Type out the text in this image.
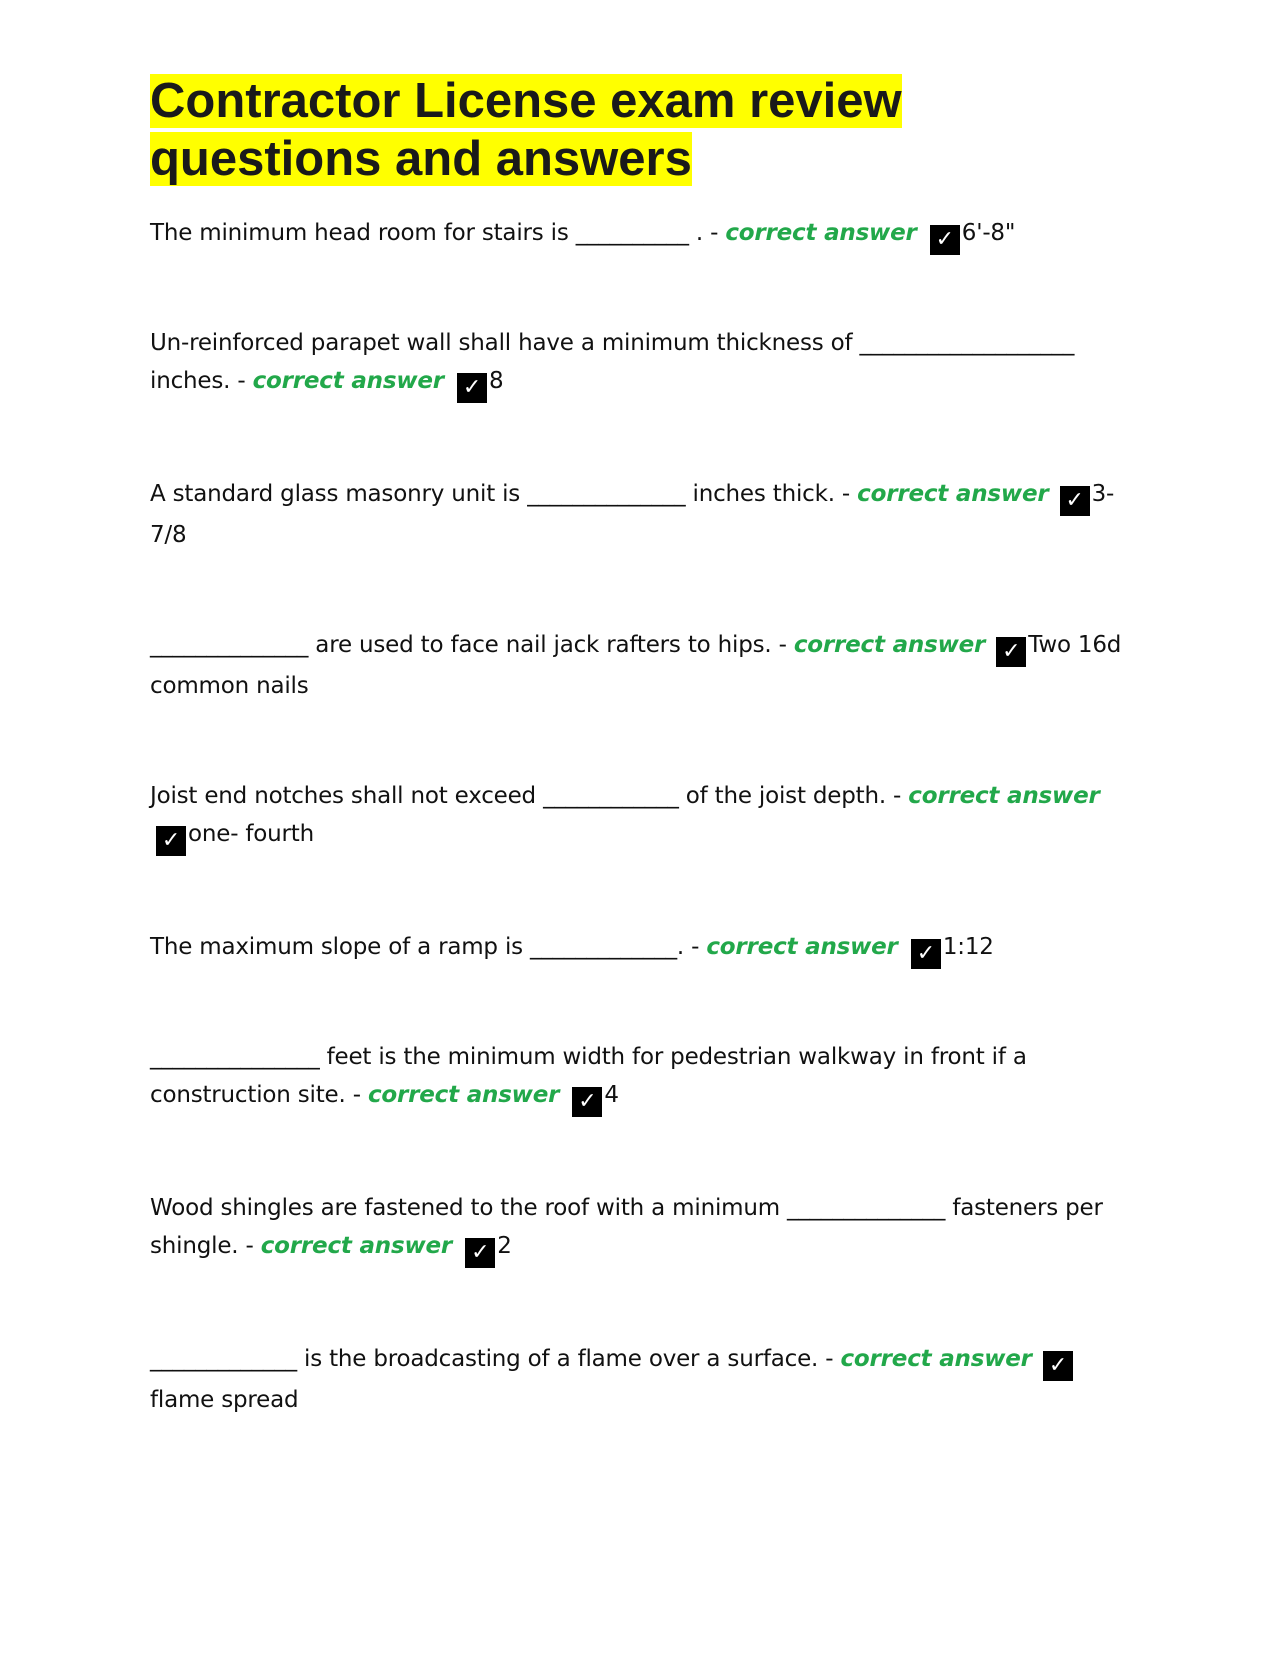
Contractor License exam review
questions and answers

The minimum head room for stairs is __________ . - correct answer ✓ 6'-8"

Un-reinforced parapet wall shall have a minimum thickness of ___________________ inches. - correct answer ✓ 8

A standard glass masonry unit is ______________ inches thick. - correct answer ✓ 3- 7/8

______________ are used to face nail jack rafters to hips. - correct answer ✓ Two 16d common nails

Joist end notches shall not exceed ____________ of the joist depth. - correct answer ✓ one- fourth

The maximum slope of a ramp is _____________. - correct answer ✓ 1:12

_______________ feet is the minimum width for pedestrian walkway in front if a construction site. - correct answer ✓ 4

Wood shingles are fastened to the roof with a minimum ______________ fasteners per shingle. - correct answer ✓ 2

_____________ is the broadcasting of a flame over a surface. - correct answer ✓flame spread
